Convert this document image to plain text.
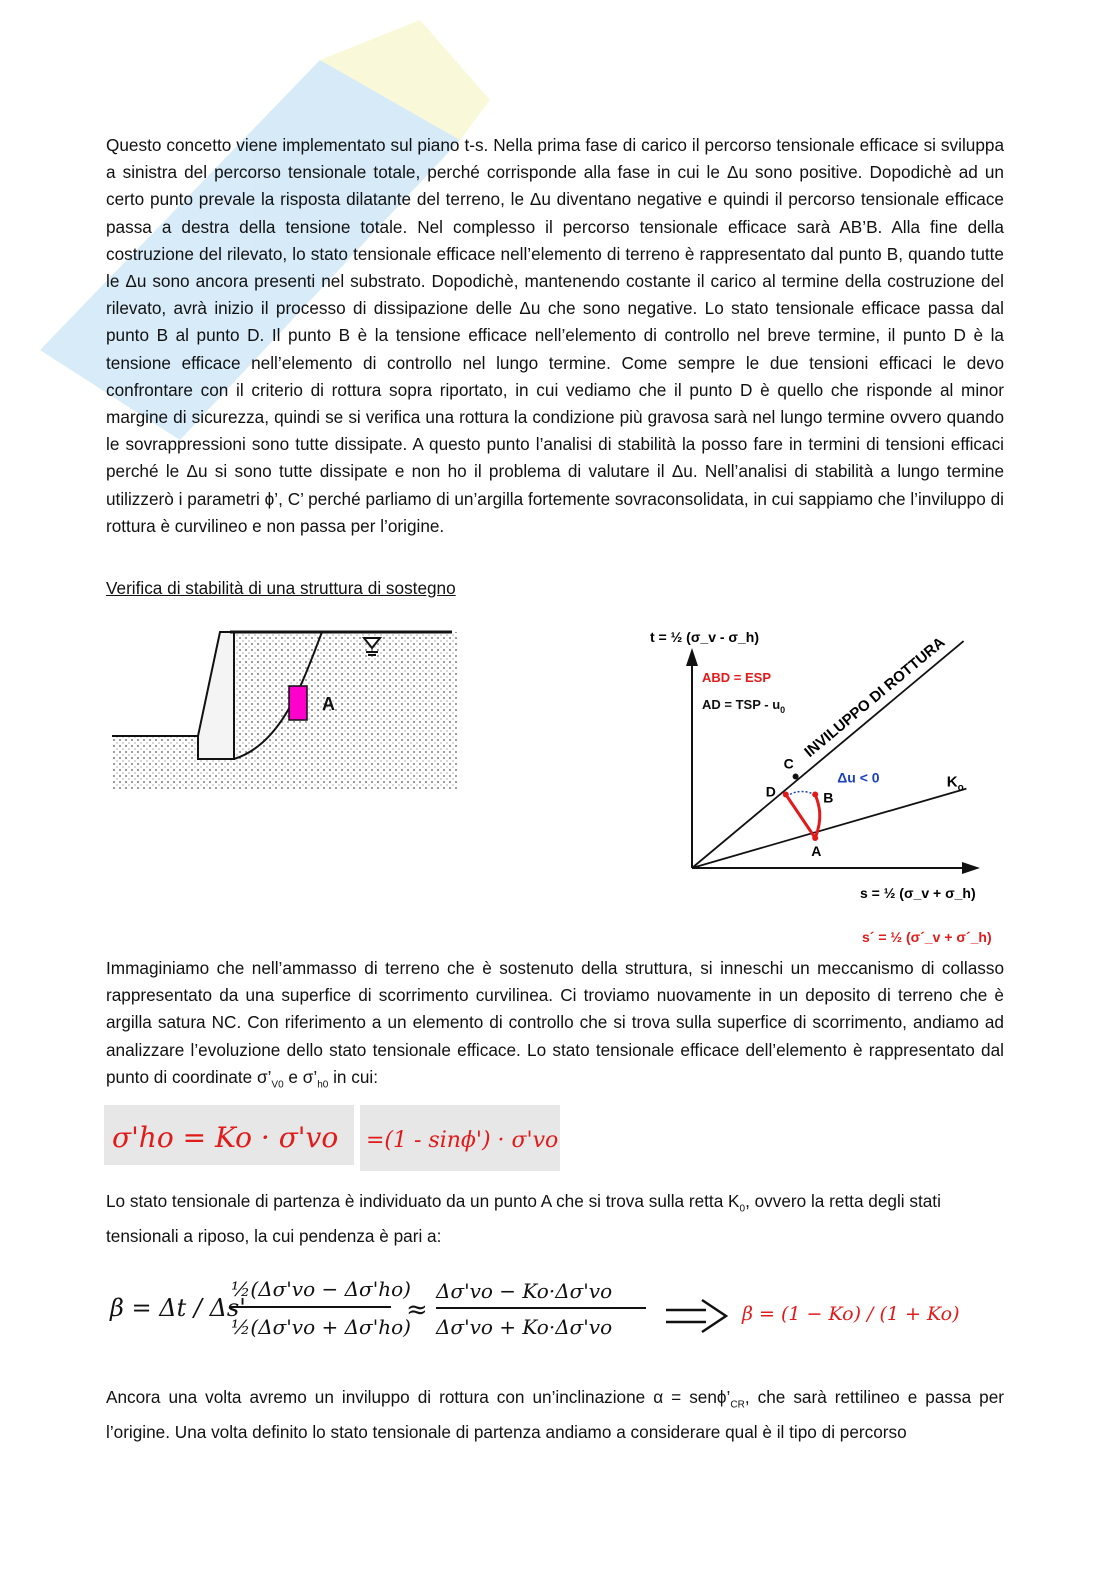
Questo concetto viene implementato sul piano t-s. Nella prima fase di carico il percorso tensionale efficace si sviluppa a sinistra del percorso tensionale totale, perché corrisponde alla fase in cui le Δu sono positive. Dopodichè ad un certo punto prevale la risposta dilatante del terreno, le Δu diventano negative e quindi il percorso tensionale efficace passa a destra della tensione totale. Nel complesso il percorso tensionale efficace sarà AB’B. Alla fine della costruzione del rilevato, lo stato tensionale efficace nell’elemento di terreno è rappresentato dal punto B, quando tutte le Δu sono ancora presenti nel substrato. Dopodichè, mantenendo costante il carico al termine della costruzione del rilevato, avrà inizio il processo di dissipazione delle Δu che sono negative. Lo stato tensionale efficace passa dal punto B al punto D. Il punto B è la tensione efficace nell’elemento di controllo nel breve termine, il punto D è la tensione efficace nell’elemento di controllo nel lungo termine. Come sempre le due tensioni efficaci le devo confrontare con il criterio di rottura sopra riportato, in cui vediamo che il punto D è quello che risponde al minor margine di sicurezza, quindi se si verifica una rottura la condizione più gravosa sarà nel lungo termine ovvero quando le sovrappressioni sono tutte dissipate. A questo punto l’analisi di stabilità la posso fare in termini di tensioni efficaci perché le Δu si sono tutte dissipate e non ho il problema di valutare il Δu. Nell’analisi di stabilità a lungo termine utilizzerò i parametri ϕ’, C’ perché parliamo di un’argilla fortemente sovraconsolidata, in cui sappiamo che l’inviluppo di rottura è curvilineo e non passa per l’origine.

Verifica di stabilità di una struttura di sostegno

A
t = ½ (σ_v - σ_h)
ABD = ESP
AD = TSP - $u_0$ INVILUPPO DI ROTTURA
$K_o$
Δu < 0
A
B
C
D
s = ½ (σ_v + σ_h)
s´ = ½ (σ´_v + σ´_h)

Immaginiamo che nell’ammasso di terreno che è sostenuto della struttura, si inneschi un meccanismo di collasso rappresentato da una superfice di scorrimento curvilinea. Ci troviamo nuovamente in un deposito di terreno che è argilla satura NC. Con riferimento a un elemento di controllo che si trova sulla superfice di scorrimento, andiamo ad analizzare l’evoluzione dello stato tensionale efficace. Lo stato tensionale efficace dell’elemento è rappresentato dal punto di coordinate $\sigma’_{V0}$ e $\sigma’_{h0}$ in cui:

σ'ho = Ko · σ'vo =(1 - sinϕ') · σ'vo

Lo stato tensionale di partenza è individuato da un punto A che si trova sulla retta $K_0$, ovvero la retta degli stati tensionali a riposo, la cui pendenza è pari a:

β = Δt / Δs'
½(Δσ'vo − Δσ'ho)
½(Δσ'vo + Δσ'ho)
≈
Δσ'vo − Ko·Δσ'vo
Δσ'vo + Ko·Δσ'vo
β = (1 − Ko) / (1 + Ko)

Ancora una volta avremo un inviluppo di rottura con un’inclinazione $\alpha = sen\phi’_{CR}$, che sarà rettilineo e passa per l’origine. Una volta definito lo stato tensionale di partenza andiamo a considerare qual è il tipo di percorso
